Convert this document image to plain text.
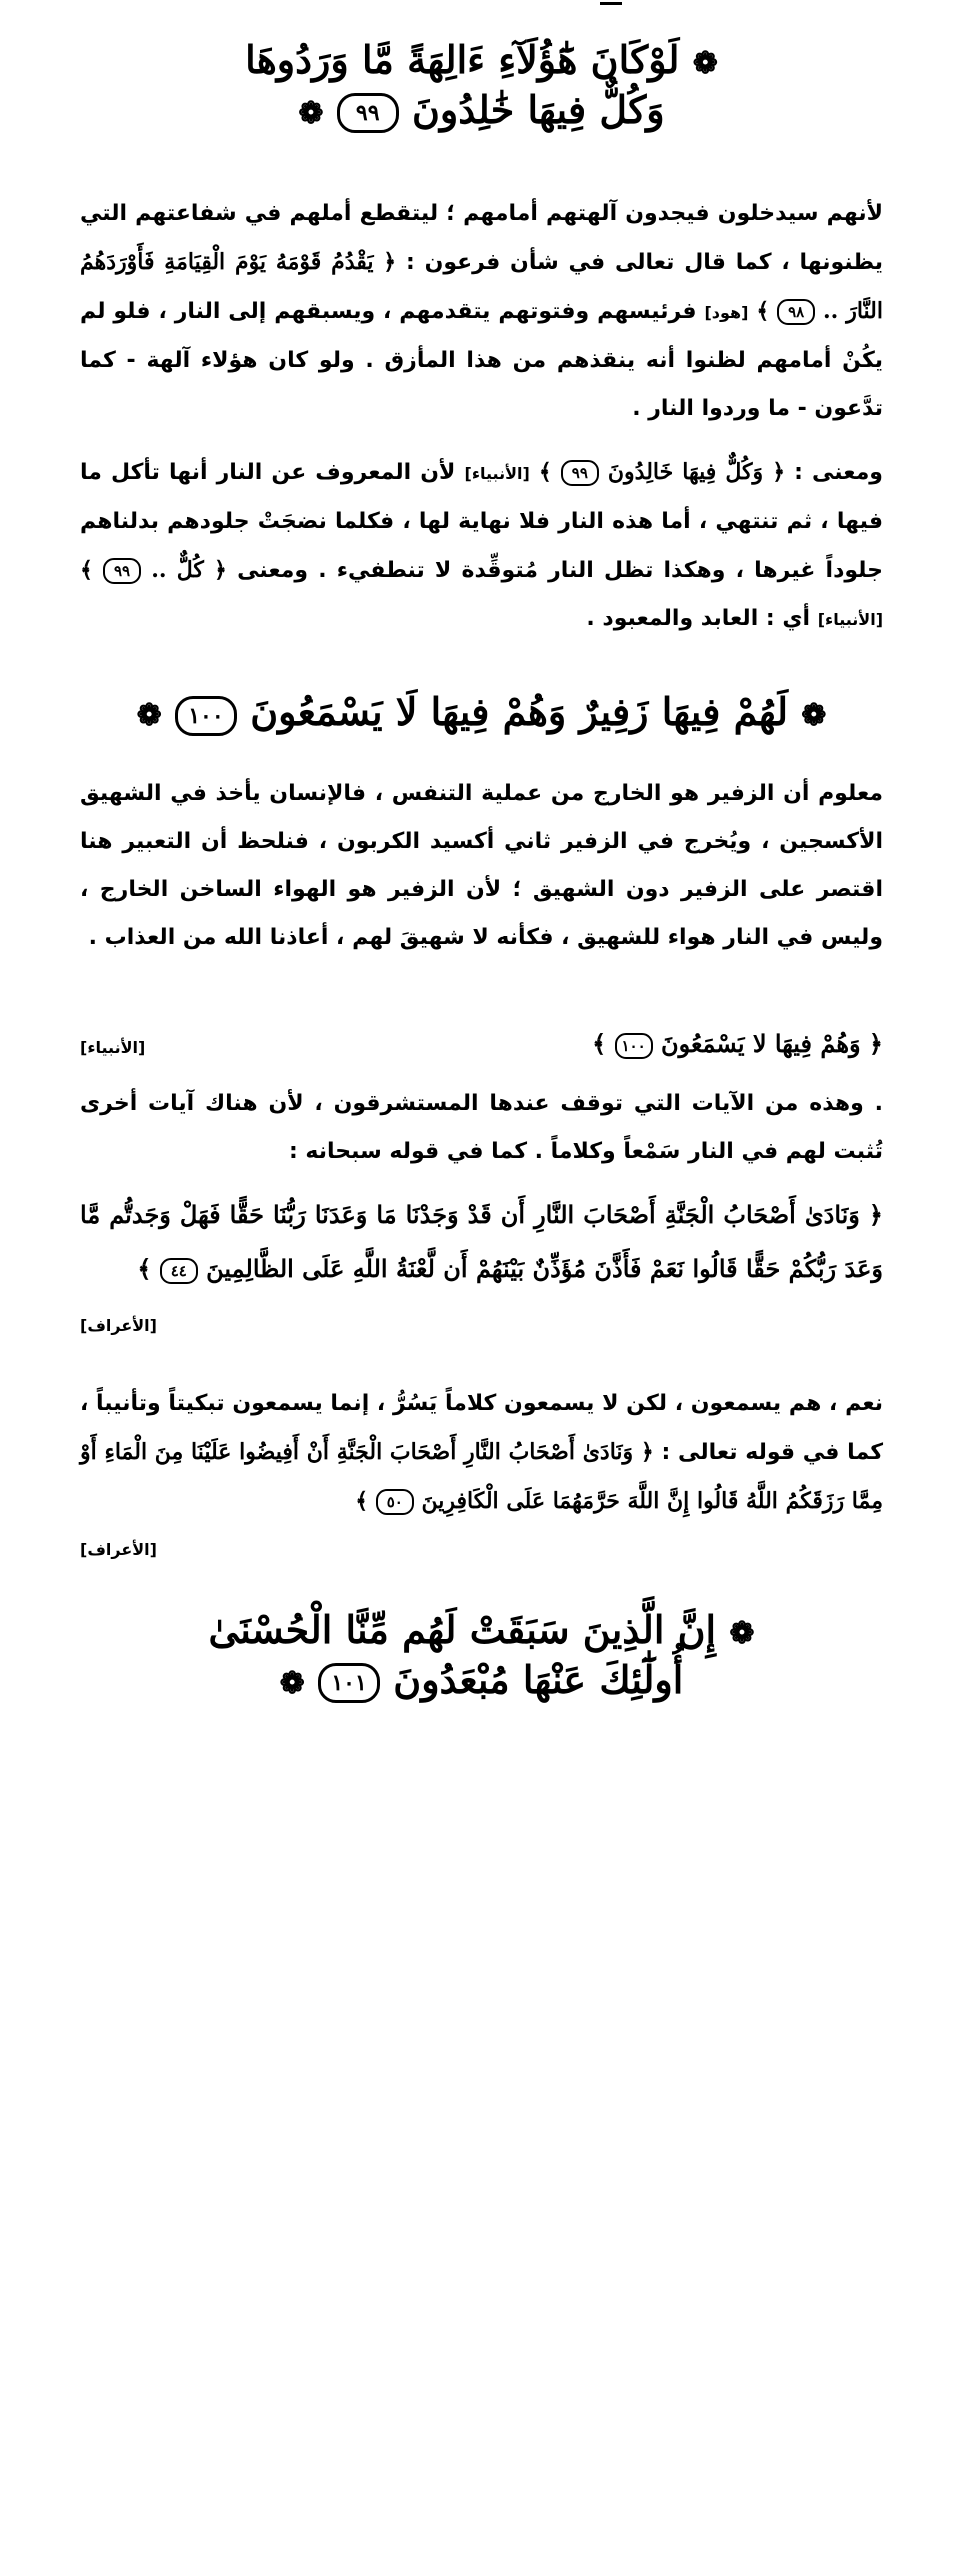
❁ لَوْكَانَ هَٰٓؤُلَآءِ ءَالِهَةً مَّا وَرَدُوهَا
وَكُلٌّ فِيهَا خَٰلِدُونَ ٩٩ ❁
لأنهم سيدخلون فيجدون آلهتهم أمامهم ؛ ليتقطع أملهم في شفاعتهم التي يظنونها ، كما قال تعالى في شأن فرعون : ﴿ يَقْدُمُ قَوْمَهُ يَوْمَ الْقِيَامَةِ فَأَوْرَدَهُمُ النَّارَ .. ٩٨ ﴾ [هود] فرئيسهم وفتوتهم يتقدمهم ، ويسبقهم إلى النار ، فلو لم يكُنْ أمامهم لظنوا أنه ينقذهم من هذا المأزق . ولو كان هؤلاء آلهة - كما تدَّعون - ما وردوا النار .
ومعنى : ﴿ وَكُلٌّ فِيهَا خَالِدُونَ ٩٩ ﴾ [الأنبياء] لأن المعروف عن النار أنها تأكل ما فيها ، ثم تنتهي ، أما هذه النار فلا نهاية لها ، فكلما نضجَتْ جلودهم بدلناهم جلوداً غيرها ، وهكذا تظل النار مُتوقِّدة لا تنطفيء . ومعنى ﴿ كُلٌّ .. ٩٩ ﴾ [الأنبياء] أي : العابد والمعبود .
❁ لَهُمْ فِيهَا زَفِيرٌ وَهُمْ فِيهَا لَا يَسْمَعُونَ ١٠٠ ❁
معلوم أن الزفير هو الخارج من عملية التنفس ، فالإنسان يأخذ في الشهيق الأكسجين ، ويُخرج في الزفير ثاني أكسيد الكربون ، فنلحظ أن التعبير هنا اقتصر على الزفير دون الشهيق ؛ لأن الزفير هو الهواء الساخن الخارج ، وليس في النار هواء للشهيق ، فكأنه لا شهيقَ لهم ، أعاذنا الله من العذاب .
﴿ وَهُمْ فِيهَا لا يَسْمَعُونَ ١٠٠ ﴾
[الأنبياء]
. وهذه من الآيات التي توقف عندها المستشرقون ، لأن هناك آيات أخرى تُثبت لهم في النار سَمْعاً وكلاماً . كما في قوله سبحانه :
﴿ وَنَادَىٰ أَصْحَابُ الْجَنَّةِ أَصْحَابَ النَّارِ أَن قَدْ وَجَدْنَا مَا وَعَدَنَا رَبُّنَا حَقًّا فَهَلْ وَجَدتُّم مَّا وَعَدَ رَبُّكُمْ حَقًّا قَالُوا نَعَمْ فَأَذَّنَ مُؤَذِّنٌ بَيْنَهُمْ أَن لَّعْنَةُ اللَّهِ عَلَى الظَّالِمِينَ ٤٤ ﴾
[الأعراف]
نعم ، هم يسمعون ، لكن لا يسمعون كلاماً يَسُرُّ ، إنما يسمعون تبكيتاً وتأنيباً ، كما في قوله تعالى : ﴿ وَنَادَىٰ أَصْحَابُ النَّارِ أَصْحَابَ الْجَنَّةِ أَنْ أَفِيضُوا عَلَيْنَا مِنَ الْمَاءِ أَوْ مِمَّا رَزَقَكُمُ اللَّهُ قَالُوا إِنَّ اللَّهَ حَرَّمَهُمَا عَلَى الْكَافِرِينَ ٥٠ ﴾
[الأعراف]
❁ إِنَّ الَّذِينَ سَبَقَتْ لَهُم مِّنَّا الْحُسْنَىٰ
أُولَٰٓئِكَ عَنْهَا مُبْعَدُونَ ١٠١ ❁
